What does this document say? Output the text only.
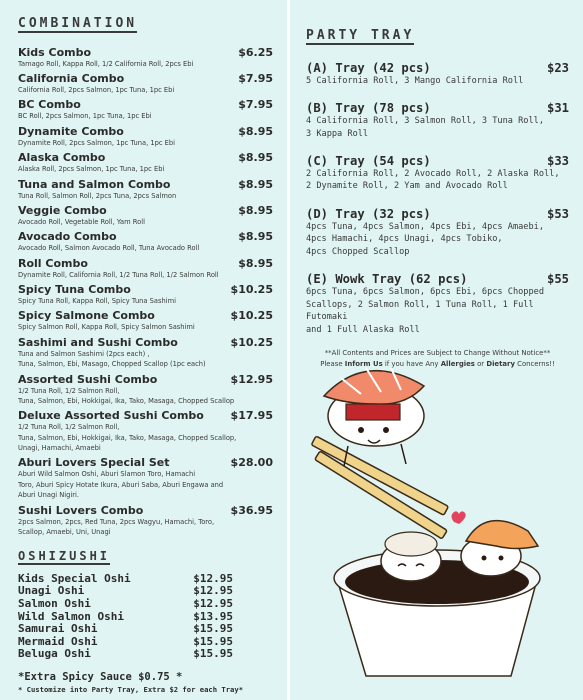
COMBINATION
Kids Combo	$6.25
Tamago Roll, Kappa Roll, 1/2 California Roll, 2pcs Ebi
California Combo	$7.95
California Roll, 2pcs Salmon, 1pc Tuna, 1pc Ebi
BC Combo	$7.95
BC Roll, 2pcs Salmon, 1pc Tuna, 1pc Ebi
Dynamite Combo	$8.95
Dynamite Roll, 2pcs Salmon, 1pc Tuna, 1pc Ebi
Alaska Combo	$8.95
Alaska Roll, 2pcs Salmon, 1pc Tuna, 1pc Ebi
Tuna and Salmon Combo	$8.95
Tuna Roll, Salmon Roll, 2pcs Tuna, 2pcs Salmon
Veggie Combo	$8.95
Avocado Roll, Vegetable Roll, Yam Roll
Avocado Combo	$8.95
Avocado Roll, Salmon Avocado Roll, Tuna Avocado Roll
Roll Combo	$8.95
Dynamite Roll, California Roll, 1/2 Tuna Roll, 1/2 Salmon Roll
Spicy Tuna Combo	$10.25
Spicy Tuna Roll, Kappa Roll, Spicy Tuna Sashimi
Spicy Salmone Combo	$10.25
Spicy Salmon Roll, Kappa Roll, Spicy Salmon Sashimi
Sashimi and Sushi Combo	$10.25
Tuna and Salmon Sashimi (2pcs each) ,
Tuna, Salmon, Ebi, Masago, Chopped Scallop (1pc each)
Assorted Sushi Combo	$12.95
1/2 Tuna Roll, 1/2 Salmon Roll,
Tuna, Salmon, Ebi, Hokkigai, Ika, Tako, Masaga, Chopped Scallop
Deluxe Assorted Sushi Combo $17.95
1/2 Tuna Roll, 1/2 Salmon Roll,
Tuna, Salmon, Ebi, Hokkigai, Ika, Tako, Masaga, Chopped Scallop,
Unagi, Hamachi, Amaebi
Aburi Lovers Special Set	$28.00
Aburi Wild Salmon Oshi, Aburi Slamon Toro, Hamachi
Toro, Aburi Spicy Hotate Ikura, Aburi Saba, Aburi Engawa and
Aburi Unagi Nigiri.
Sushi Lovers Combo	$36.95
2pcs Salmon, 2pcs, Red Tuna, 2pcs Wagyu, Hamachi, Toro,
Scallop, Amaebi, Uni, Unagi
OSHIZUSHI
Kids Special Oshi	$12.95
Unagi Oshi	$12.95
Salmon Oshi	$12.95
Wild Salmon Oshi	$13.95
Samurai Oshi	$15.95
Mermaid Oshi	$15.95
Beluga Oshi	$15.95
*Extra Spicy Sauce $0.75 *
* Customize into Party Tray, Extra $2 for each Tray*
PARTY TRAY
(A) Tray (42 pcs)	$23
5 California Roll, 3 Mango California Roll
(B) Tray (78 pcs)	$31
4 California Roll, 3 Salmon Roll, 3 Tuna Roll,
3 Kappa Roll
(C) Tray (54 pcs)	$33
2 California Roll, 2 Avocado Roll, 2 Alaska Roll,
2 Dynamite Roll, 2 Yam and Avocado Roll
(D) Tray (32 pcs)	$53
4pcs Tuna, 4pcs Salmon, 4pcs Ebi, 4pcs Amaebi,
4pcs Hamachi, 4pcs Unagi, 4pcs Tobiko,
4pcs Chopped Scallop
(E) Wowk Tray (62 pcs)	$55
6pcs Tuna, 6pcs Salmon, 6pcs Ebi, 6pcs Chopped
Scallops, 2 Salmon Roll, 1 Tuna Roll, 1 Full Futomaki
and 1 Full Alaska Roll
**All Contents and Prices are Subject to Change Without Notice**
Please Inform Us if you have Any Allergies or Dietary Concerns!!
